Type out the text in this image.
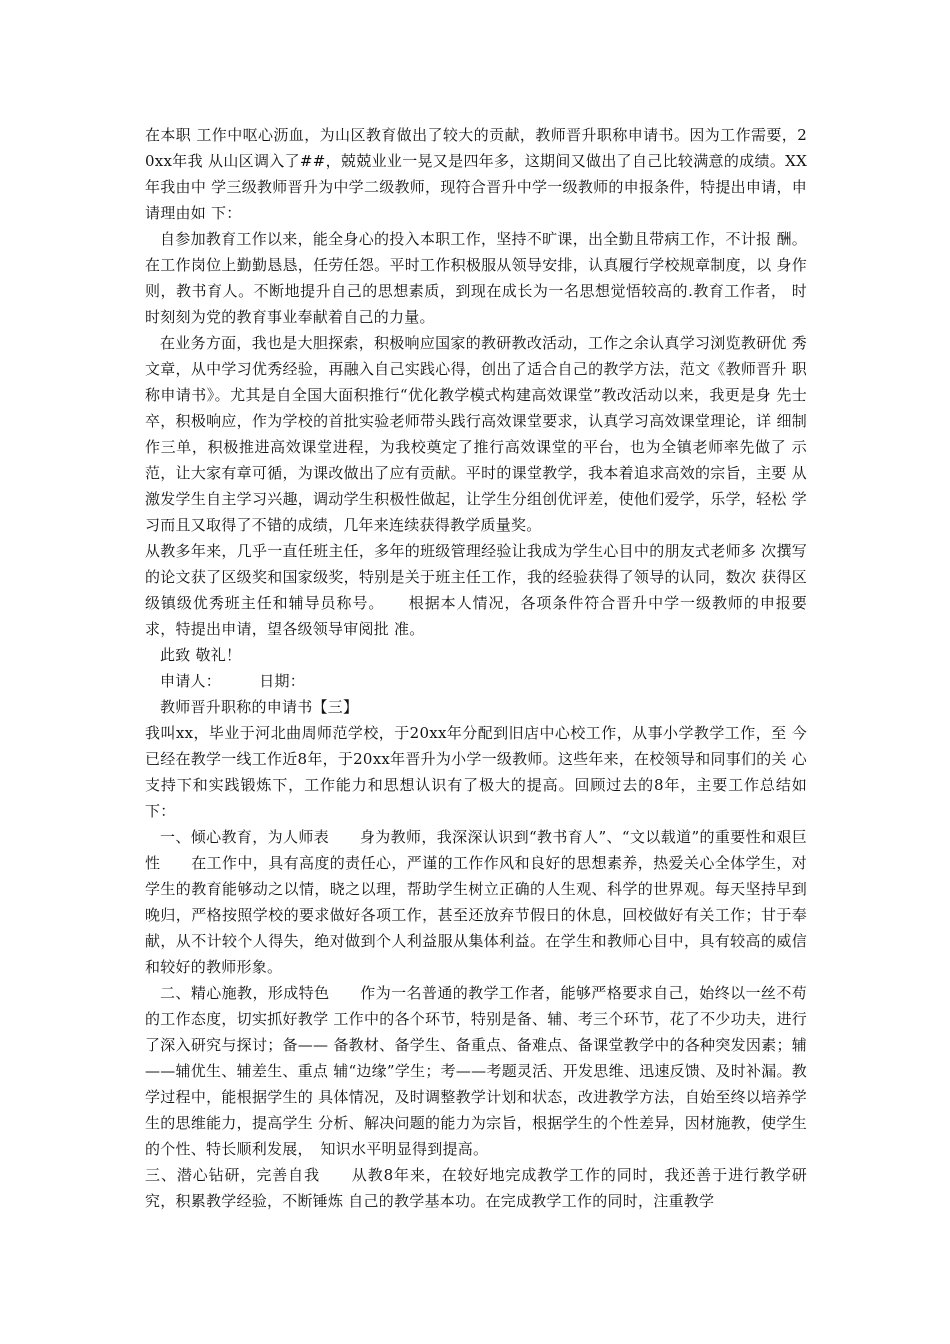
在本职 工作中呕心沥血，为山区教育做出了较大的贡献，教师晋升职称申请书。因为工作需要，20xx年我 从山区调入了##，兢兢业业一晃又是四年多，这期间又做出了自己比较满意的成绩。XX年我由中 学三级教师晋升为中学二级教师，现符合晋升中学一级教师的申报条件，特提出申请，申请理由如 下：

自参加教育工作以来，能全身心的投入本职工作，坚持不旷课，出全勤且带病工作，不计报 酬。在工作岗位上勤勤恳恳，任劳任怨。平时工作积极服从领导安排，认真履行学校规章制度，以 身作则，教书育人。不断地提升自己的思想素质，到现在成长为一名思想觉悟较高的.教育工作者， 时时刻刻为党的教育事业奉献着自己的力量。

在业务方面，我也是大胆探索，积极响应国家的教研教改活动，工作之余认真学习浏览教研优 秀文章，从中学习优秀经验，再融入自己实践心得，创出了适合自己的教学方法，范文《教师晋升 职称申请书》。尤其是自全国大面积推行“优化教学模式构建高效课堂”教改活动以来，我更是身 先士卒，积极响应，作为学校的首批实验老师带头践行高效课堂要求，认真学习高效课堂理论，详 细制作三单，积极推进高效课堂进程，为我校奠定了推行高效课堂的平台，也为全镇老师率先做了 示范，让大家有章可循，为课改做出了应有贡献。平时的课堂教学，我本着追求高效的宗旨，主要 从激发学生自主学习兴趣，调动学生积极性做起，让学生分组创优评差，使他们爱学，乐学，轻松 学习而且又取得了不错的成绩，几年来连续获得教学质量奖。

从教多年来，几乎一直任班主任，多年的班级管理经验让我成为学生心目中的朋友式老师多 次撰写的论文获了区级奖和国家级奖，特别是关于班主任工作，我的经验获得了领导的认同，数次 获得区级镇级优秀班主任和辅导员称号。　　根据本人情况，各项条件符合晋升中学一级教师的申报要求，特提出申请，望各级领导审阅批 准。

此致 敬礼！

申请人：　　　日期：

教师晋升职称的申请书【三】

我叫xx，毕业于河北曲周师范学校，于20xx年分配到旧店中心校工作，从事小学教学工作，至 今已经在教学一线工作近8年，于20xx年晋升为小学一级教师。这些年来，在校领导和同事们的关 心支持下和实践锻炼下，工作能力和思想认识有了极大的提高。回顾过去的8年，主要工作总结如 下：

一、倾心教育，为人师表　　身为教师，我深深认识到“教书育人”、“文以载道”的重要性和艰巨性　　在工作中，具有高度的责任心，严谨的工作作风和良好的思想素养，热爱关心全体学生，对 学生的教育能够动之以情，晓之以理，帮助学生树立正确的人生观、科学的世界观。每天坚持早到 晚归，严格按照学校的要求做好各项工作，甚至还放弃节假日的休息，回校做好有关工作；甘于奉 献，从不计较个人得失，绝对做到个人利益服从集体利益。在学生和教师心目中，具有较高的威信 和较好的教师形象。

二、精心施教，形成特色　　作为一名普通的教学工作者，能够严格要求自己，始终以一丝不苟的工作态度，切实抓好教学 工作中的各个环节，特别是备、辅、考三个环节，花了不少功夫，进行了深入研究与探讨；备—— 备教材、备学生、备重点、备难点、备课堂教学中的各种突发因素；辅——辅优生、辅差生、重点 辅“边缘”学生；考——考题灵活、开发思维、迅速反馈、及时补漏。教学过程中，能根据学生的 具体情况，及时调整教学计划和状态，改进教学方法，自始至终以培养学生的思维能力，提高学生 分析、解决问题的能力为宗旨，根据学生的个性差异，因材施教，使学生的个性、特长顺利发展，　知识水平明显得到提高。

三、潜心钻研，完善自我　　从教8年来，在较好地完成教学工作的同时，我还善于进行教学研究，积累教学经验，不断锤炼 自己的教学基本功。在完成教学工作的同时，注重教学
